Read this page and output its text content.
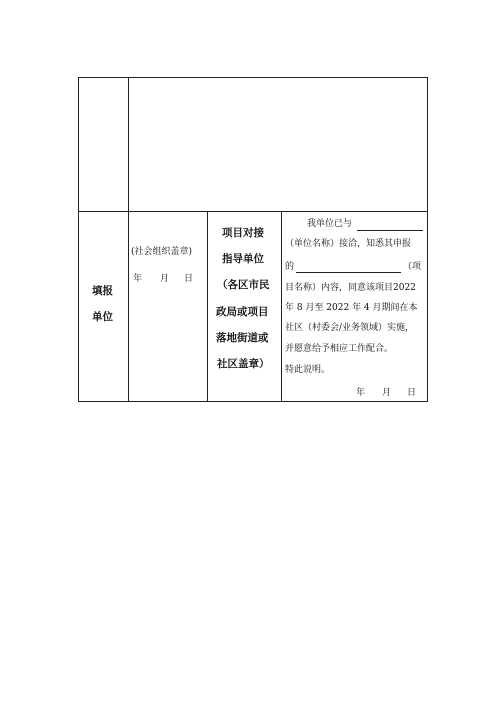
填报
单位
(社会组织盖章)
年 月 日
项目对接
指导单位
（各区市民
政局或项目
落地街道或
社区盖章）
我单位已与
（单位名称）接洽，知悉其申报
的	（项
目名称）内容，同意该项目2022
年 8 月至 2022 年 4 月期间在本
社区（村委会/业务领域）实施，
并愿意给予相应工作配合。
特此说明。
年 月 日
